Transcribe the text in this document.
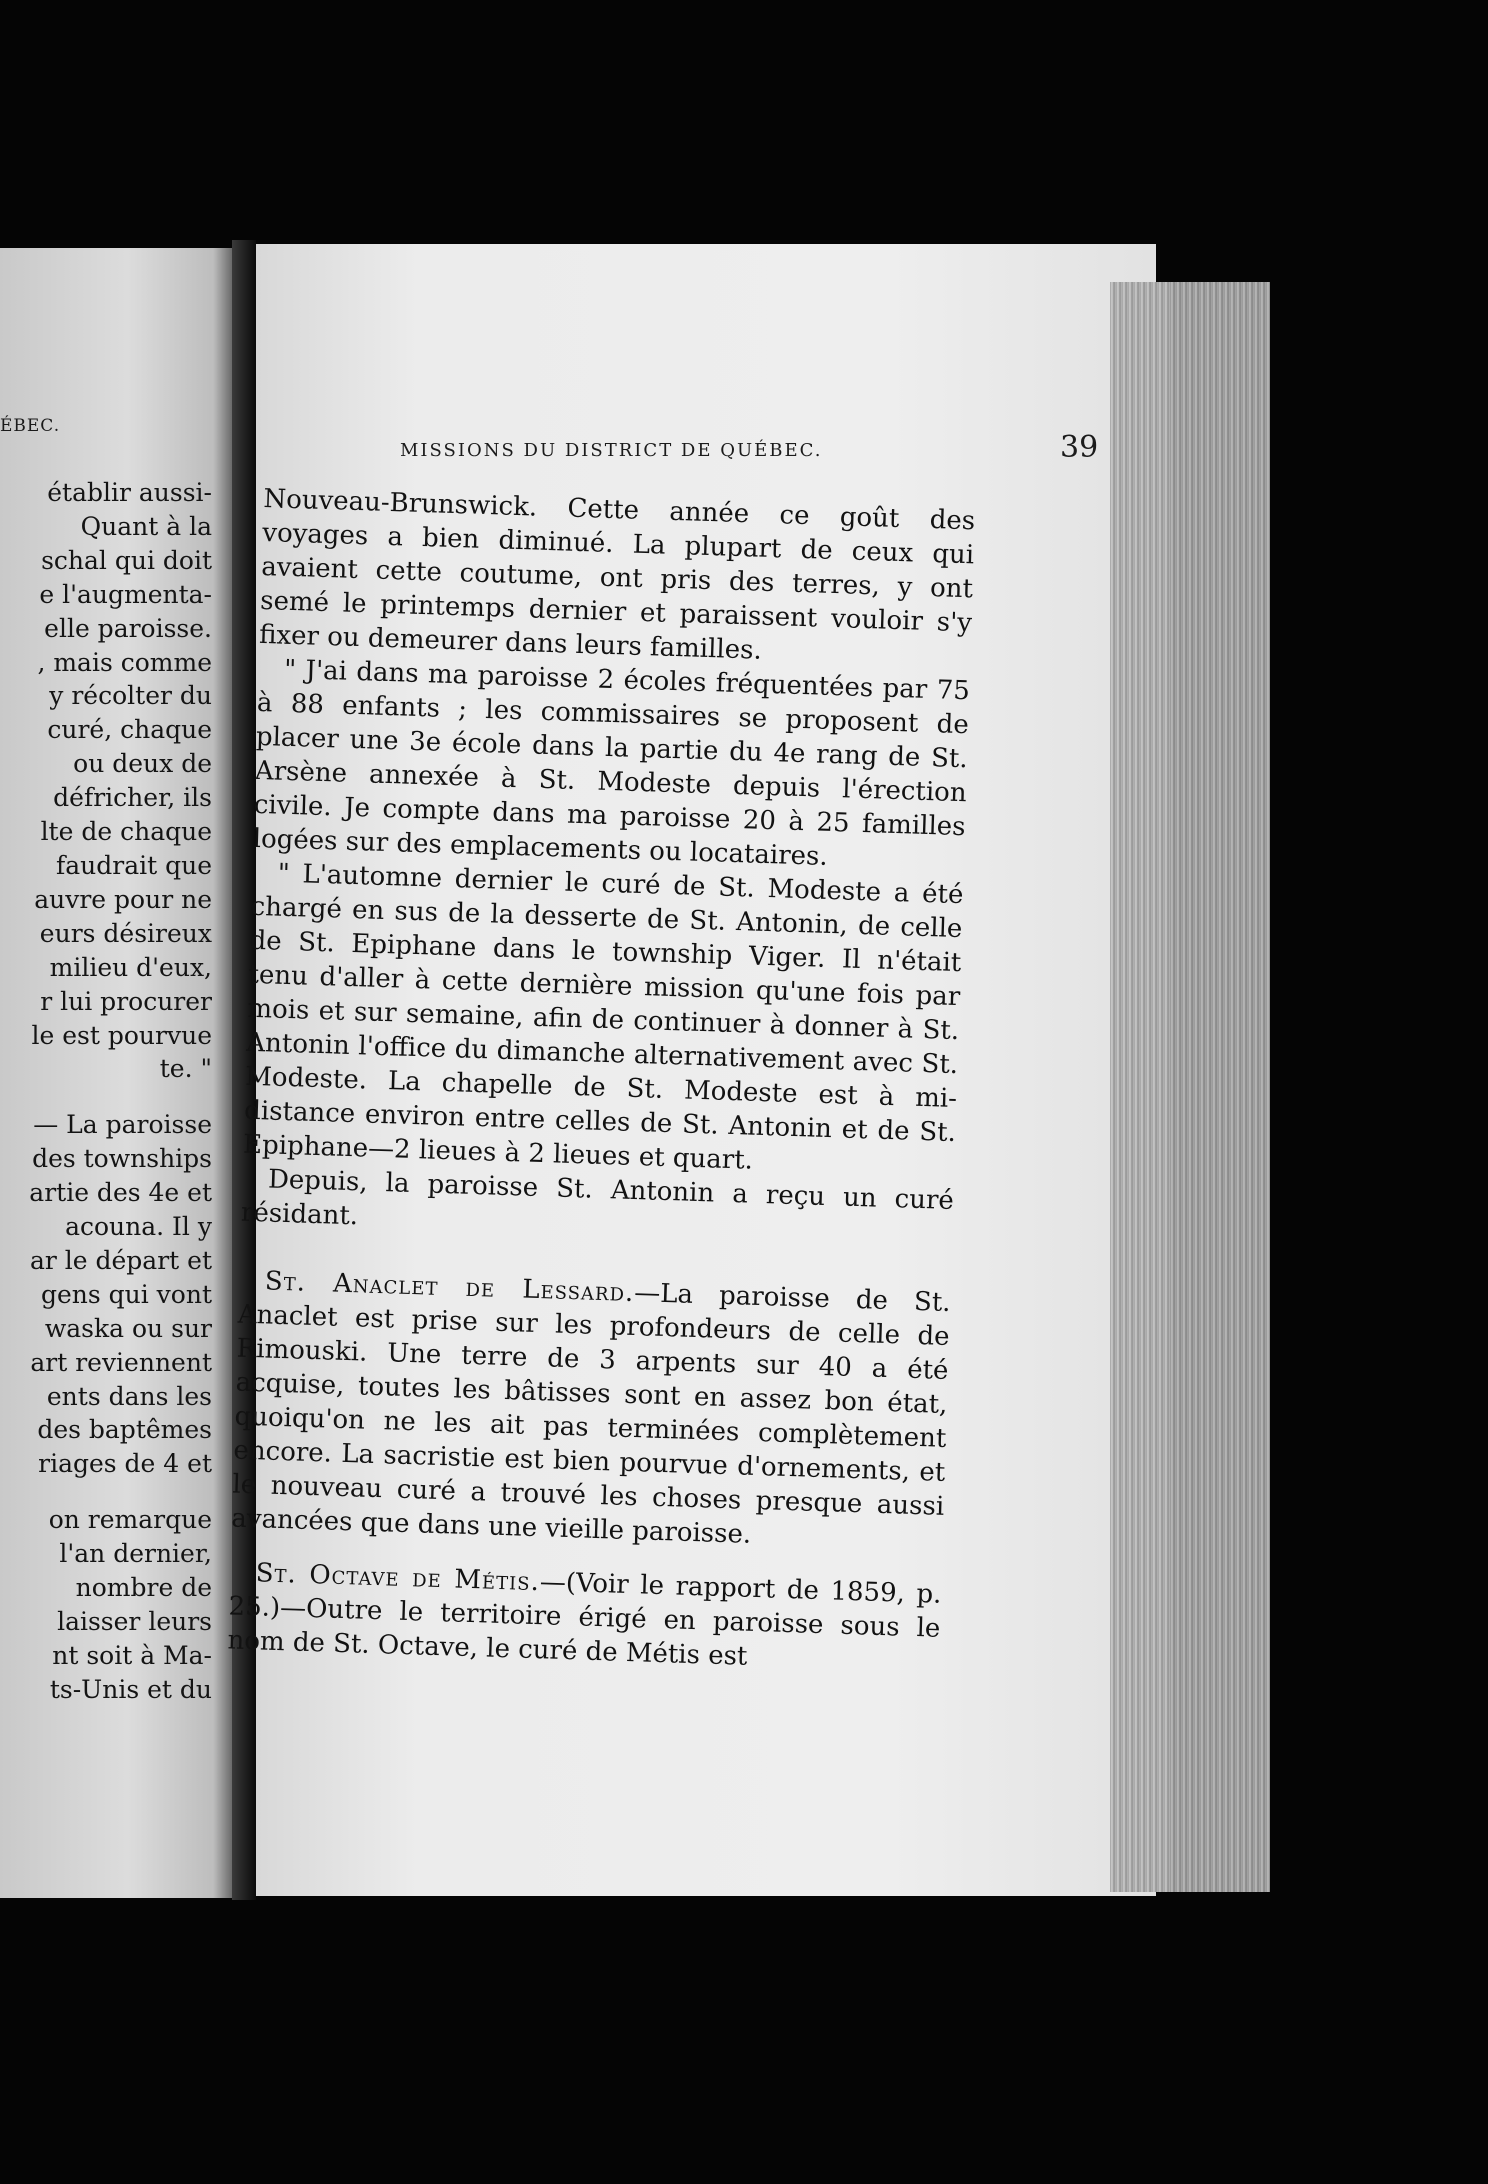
ÉBEC.
établir aussi-
Quant à la
schal qui doit
e l'augmenta-
elle paroisse.
, mais comme
y récolter du
curé, chaque
ou deux de
défricher, ils
lte de chaque
faudrait que
auvre pour ne
eurs désireux
milieu d'eux,
r lui procurer
le est pourvue
te. "
— La paroisse
des townships
artie des 4e et
acouna. Il y
ar le départ et
gens qui vont
waska ou sur
art reviennent
ents dans les
des baptêmes
riages de 4 et
on remarque
l'an dernier,
nombre de
laisser leurs
nt soit à Ma-
ts-Unis et du
MISSIONS DU DISTRICT DE QUÉBEC.	39

Nouveau-Brunswick. Cette année ce goût des voyages a bien diminué. La plupart de ceux qui avaient cette coutume, ont pris des terres, y ont semé le printemps dernier et paraissent vouloir s'y fixer ou demeurer dans leurs familles.

" J'ai dans ma paroisse 2 écoles fréquentées par 75 à 88 enfants ; les commissaires se proposent de placer une 3e école dans la partie du 4e rang de St. Arsène annexée à St. Modeste depuis l'érection civile. Je compte dans ma paroisse 20 à 25 familles logées sur des emplacements ou locataires.

" L'automne dernier le curé de St. Modeste a été chargé en sus de la desserte de St. Antonin, de celle de St. Epiphane dans le township Viger. Il n'était tenu d'aller à cette dernière mission qu'une fois par mois et sur semaine, afin de continuer à donner à St. Antonin l'office du dimanche alternativement avec St. Modeste. La chapelle de St. Modeste est à mi-distance environ entre celles de St. Antonin et de St. Epiphane—2 lieues à 2 lieues et quart.

Depuis, la paroisse St. Antonin a reçu un curé résidant.

St. Anaclet de Lessard.—La paroisse de St. Anaclet est prise sur les profondeurs de celle de Rimouski. Une terre de 3 arpents sur 40 a été acquise, toutes les bâtisses sont en assez bon état, quoiqu'on ne les ait pas terminées complètement encore. La sacristie est bien pourvue d'ornements, et le nouveau curé a trouvé les choses presque aussi avancées que dans une vieille paroisse.

St. Octave de Métis.—(Voir le rapport de 1859, p. 25.)—Outre le territoire érigé en paroisse sous le nom de St. Octave, le curé de Métis est
